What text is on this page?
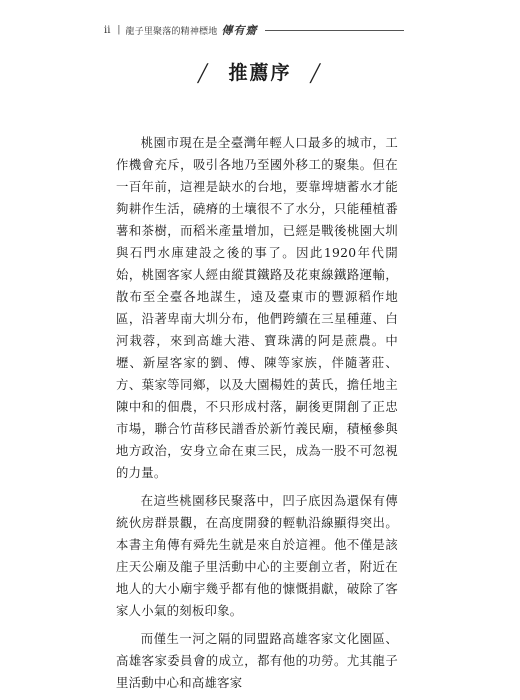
ii | 龍子里聚落的精神標地 傳有齋
╱ 推薦序 ╱

桃園市現在是全臺灣年輕人口最多的城市，工作機會充斥，吸引各地乃至國外移工的聚集。但在一百年前，這裡是缺水的台地，要靠埤塘蓄水才能夠耕作生活，磽瘠的土壤很不了水分，只能種植番薯和茶樹，而稻米產量增加，已經是戰後桃園大圳與石門水庫建設之後的事了。因此1920年代開始，桃園客家人經由縱貫鐵路及花東線鐵路運輸，散布至全臺各地謀生，遠及臺東市的豐源稻作地區，沿著卑南大圳分布，他們跨續在三星種蓮、白河栽蓉，來到高雄大港、寶珠溝的阿是蔗農。中壢、新屋客家的劉、傅、陳等家族，伴隨著莊、方、葉家等同鄉，以及大園楊姓的黃氏，擔任地主陳中和的佃農，不只形成村落，嗣後更開創了正忠市場，聯合竹苗移民譜香於新竹義民廟，積極參與地方政治，安身立命在東三民，成為一股不可忽視的力量。

在這些桃園移民聚落中，凹子底因為還保有傳統伙房群景觀，在高度開發的輕軌沿線顯得突出。本書主角傳有舜先生就是來自於這裡。他不僅是該庄天公廟及龍子里活動中心的主要創立者，附近在地人的大小廟宇幾乎都有他的慷慨捐獻，破除了客家人小氣的刻板印象。

而僅生一河之隔的同盟路高雄客家文化園區、高雄客家委員會的成立，都有他的功勞。尤其龍子里活動中心和高雄客家
